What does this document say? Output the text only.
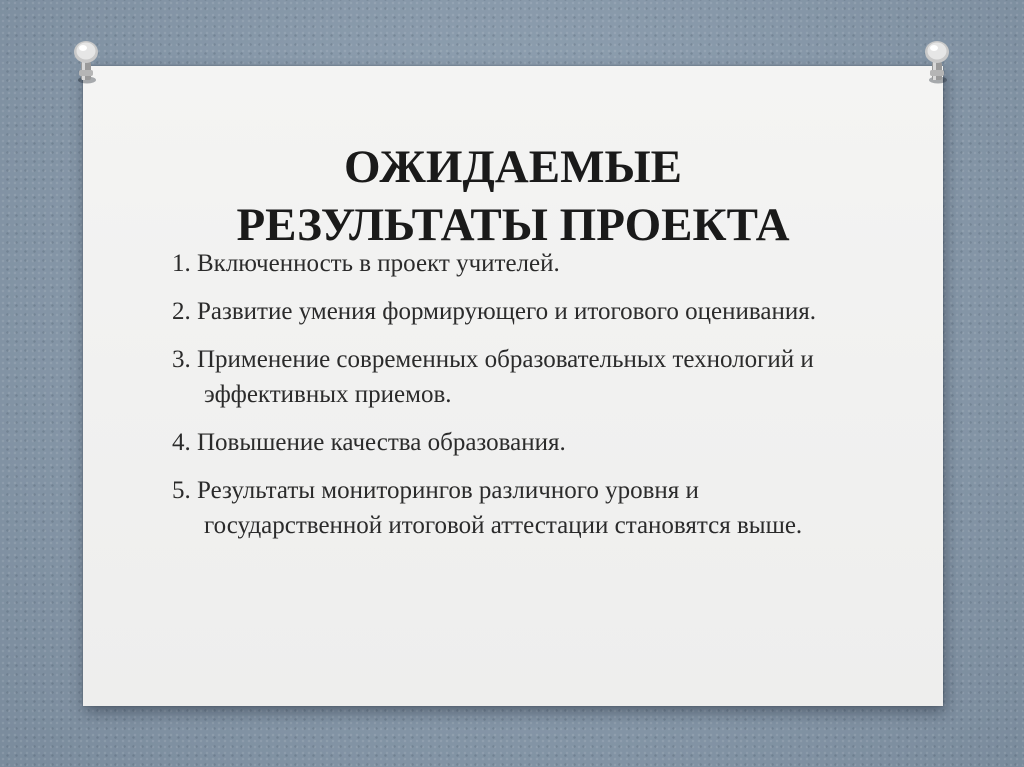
ОЖИДАЕМЫЕ
РЕЗУЛЬТАТЫ ПРОЕКТА
1. Включенность в проект учителей.
2. Развитие умения формирующего и итогового оценивания.
3. Применение современных образовательных технологий и эффективных приемов.
4. Повышение качества образования.
5. Результаты мониторингов различного уровня и государственной итоговой аттестации становятся выше.
